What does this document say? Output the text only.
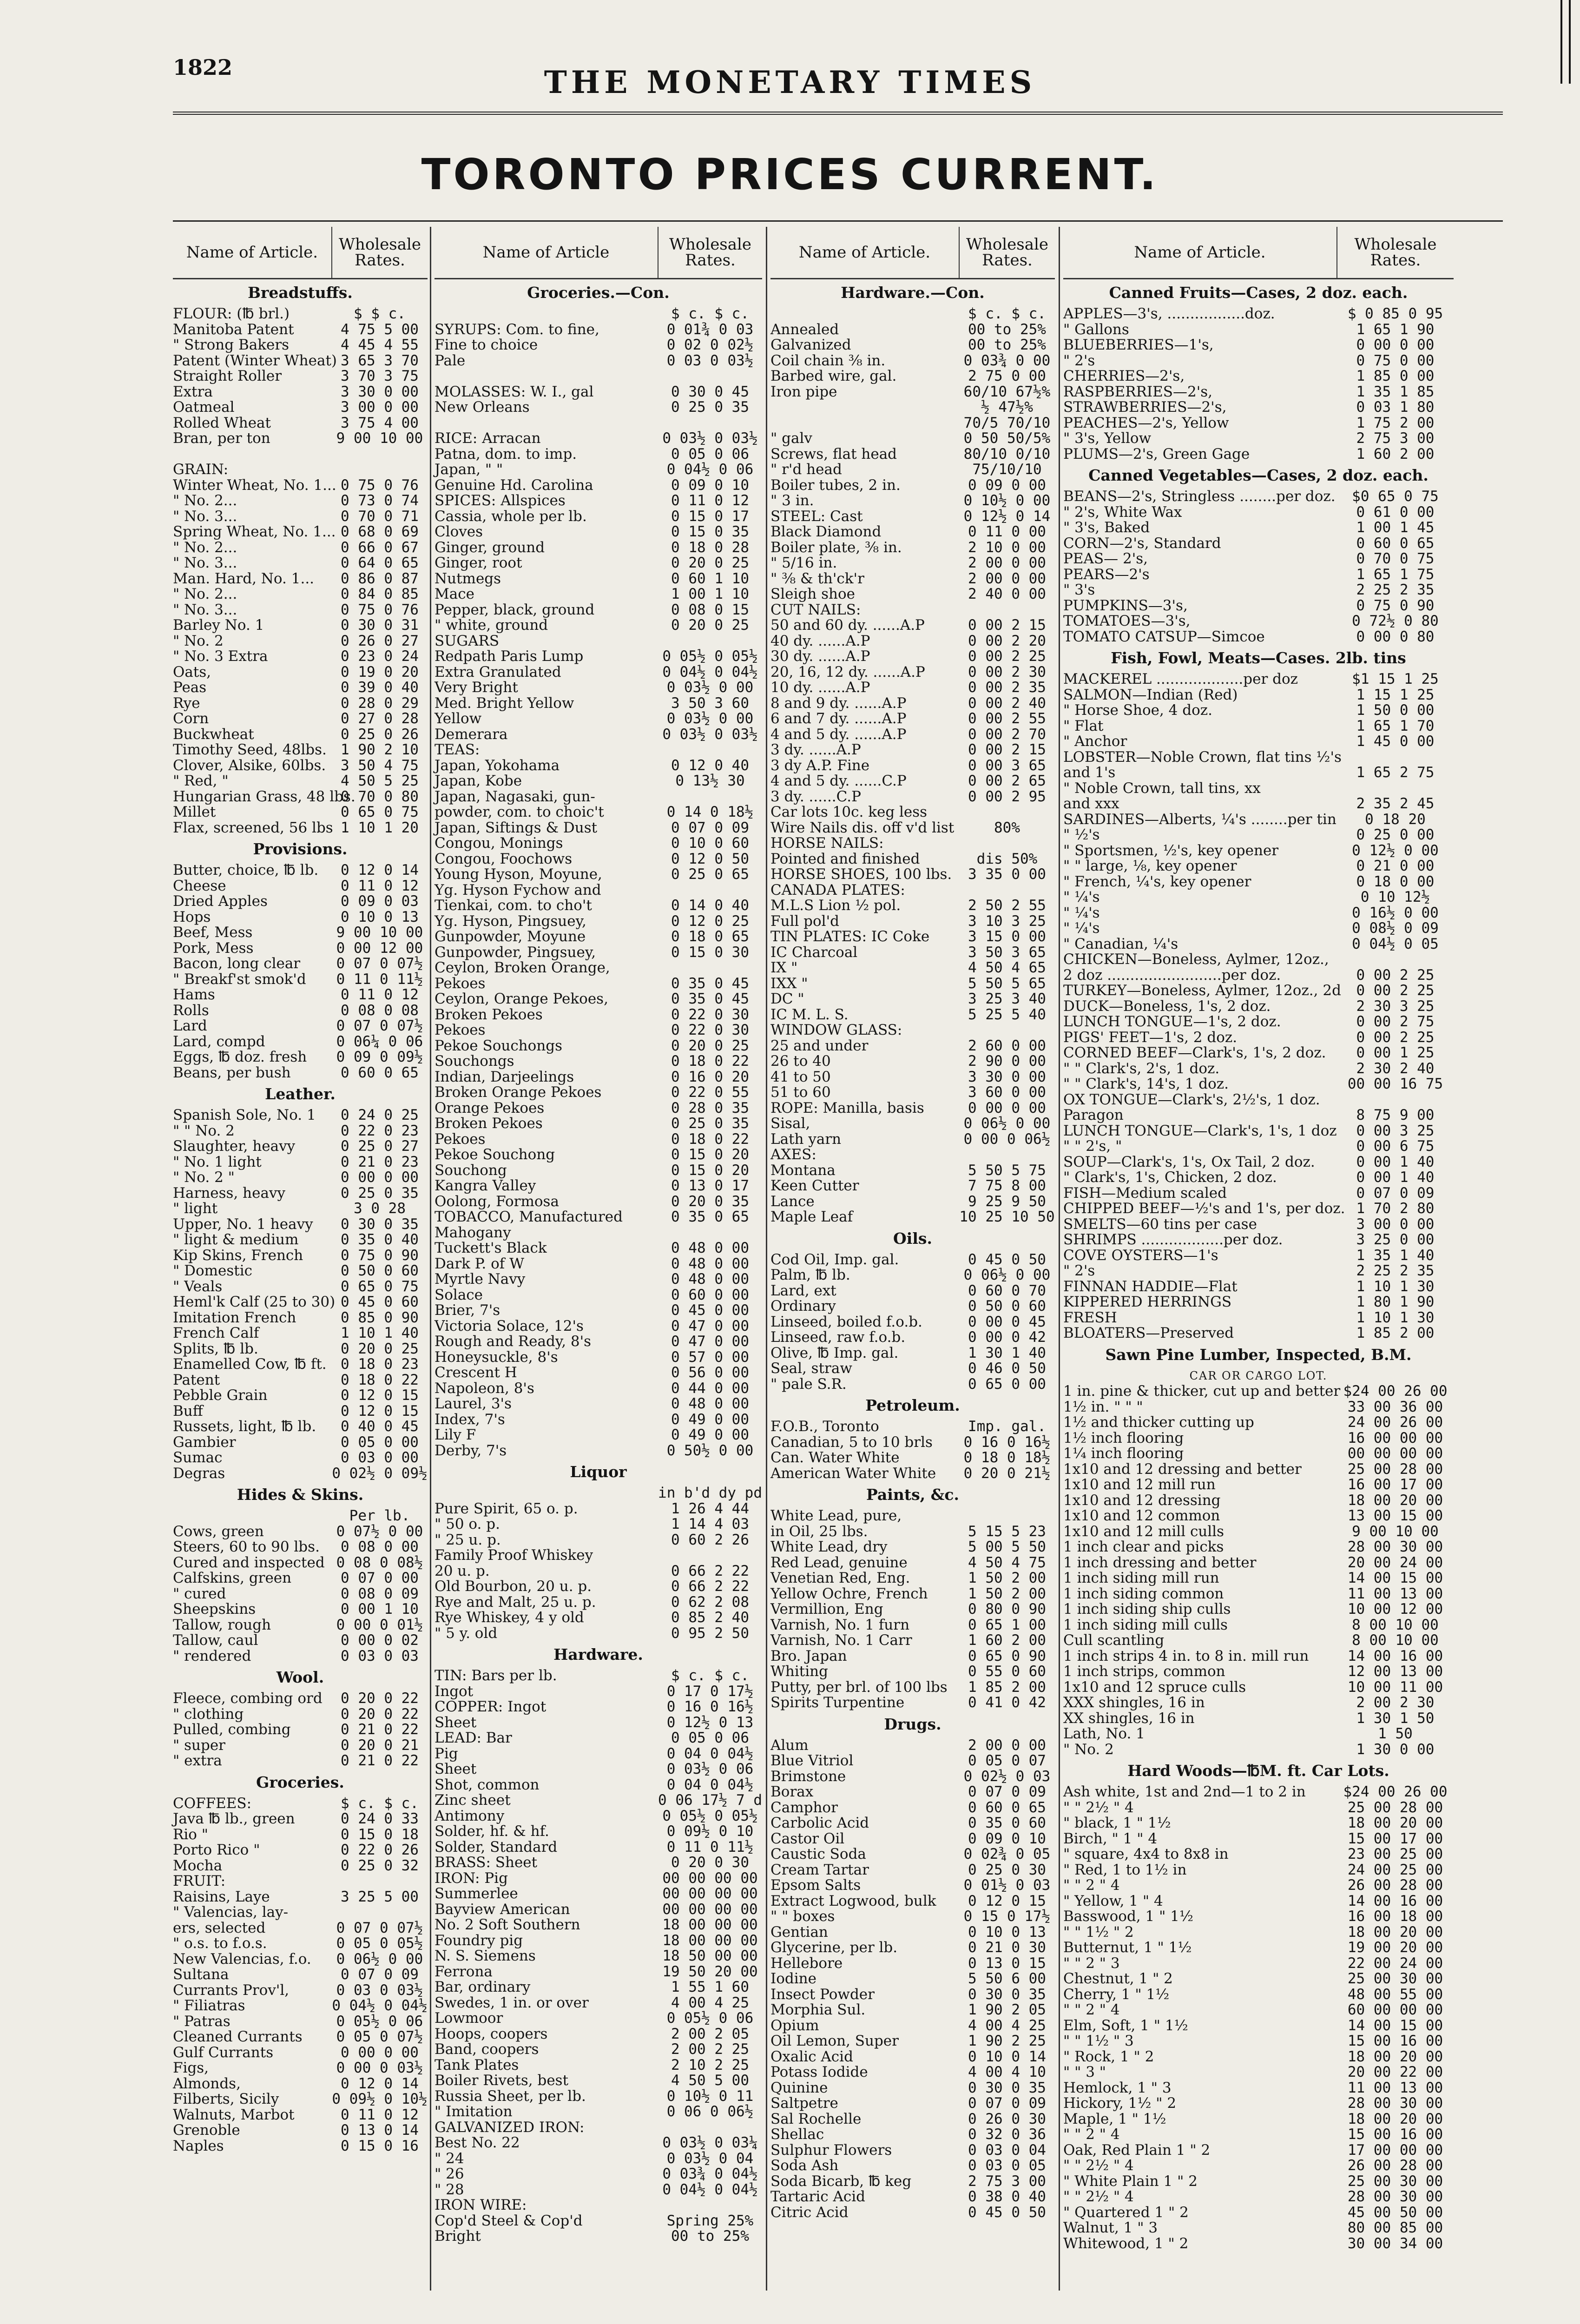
1822	THE MONETARY TIMES
TORONTO PRICES CURRENT.
Name of Article.	Wholesale Rates.
Breadstuffs.	
FLOUR: (℔ brl.)	$ $ c.
Manitoba Patent	4 75 5 00
" Strong Bakers	4 45 4 55
Patent (Winter Wheat)	3 65 3 70
Straight Roller	3 70 3 75
Extra	3 30 0 00
Oatmeal	3 00 0 00
Rolled Wheat	3 75 4 00
Bran, per ton	9 00 10 00

GRAIN:	
Winter Wheat, No. 1...	0 75 0 76
" No. 2...	0 73 0 74
" No. 3...	0 70 0 71
Spring Wheat, No. 1...	0 68 0 69
" No. 2...	0 66 0 67
" No. 3...	0 64 0 65
Man. Hard, No. 1...	0 86 0 87
" No. 2...	0 84 0 85
" No. 3...	0 75 0 76
Barley No. 1	0 30 0 31
" No. 2	0 26 0 27
" No. 3 Extra	0 23 0 24
Oats,	0 19 0 20
Peas	0 39 0 40
Rye	0 28 0 29
Corn	0 27 0 28
Buckwheat	0 25 0 26
Timothy Seed, 48lbs.	1 90 2 10
Clover, Alsike, 60lbs.	3 50 4 75
" Red, "	4 50 5 25
Hungarian Grass, 48 lbs.	0 70 0 80
Millet	0 65 0 75
Flax, screened, 56 lbs	1 10 1 20
Provisions.	
Butter, choice, ℔ lb.	0 12 0 14
Cheese	0 11 0 12
Dried Apples	0 09 0 03
Hops	0 10 0 13
Beef, Mess	9 00 10 00
Pork, Mess	0 00 12 00
Bacon, long clear	0 07 0 07½
" Breakf'st smok'd	0 11 0 11½
Hams	0 11 0 12
Rolls	0 08 0 08
Lard	0 07 0 07½
Lard, compd	0 06¼ 0 06
Eggs, ℔ doz. fresh	0 09 0 09½
Beans, per bush	0 60 0 65
Leather.	
Spanish Sole, No. 1	0 24 0 25
" " No. 2	0 22 0 23
Slaughter, heavy	0 25 0 27
" No. 1 light	0 21 0 23
" No. 2 "	0 00 0 00
Harness, heavy	0 25 0 35
" light	3 0 28
Upper, No. 1 heavy	0 30 0 35
" light & medium	0 35 0 40
Kip Skins, French	0 75 0 90
" Domestic	0 50 0 60
" Veals	0 65 0 75
Heml'k Calf (25 to 30)	0 45 0 60
Imitation French	0 85 0 90
French Calf	1 10 1 40
Splits, ℔ lb.	0 20 0 25
Enamelled Cow, ℔ ft.	0 18 0 23
Patent	0 18 0 22
Pebble Grain	0 12 0 15
Buff	0 12 0 15
Russets, light, ℔ lb.	0 40 0 45
Gambier	0 05 0 00
Sumac	0 03 0 00
Degras	0 02½ 0 09½
Hides & Skins.	
	Per lb.
Cows, green	0 07½ 0 00
Steers, 60 to 90 lbs.	0 08 0 00
Cured and inspected	0 08 0 08½
Calfskins, green	0 07 0 00
" cured	0 08 0 09
Sheepskins	0 00 1 10
Tallow, rough	0 00 0 01½
Tallow, caul	0 00 0 02
" rendered	0 03 0 03
Wool.	
Fleece, combing ord	0 20 0 22
" clothing	0 20 0 22
Pulled, combing	0 21 0 22
" super	0 20 0 21
" extra	0 21 0 22
Groceries.	
COFFEES:	$ c. $ c.
Java ℔ lb., green	0 24 0 33
Rio "	0 15 0 18
Porto Rico "	0 22 0 26
Mocha	0 25 0 32
FRUIT:	
Raisins, Laye	3 25 5 00
" Valencias, lay-	
ers, selected	0 07 0 07½
" o.s. to f.o.s.	0 05 0 05½
New Valencias, f.o.	0 06½ 0 00
Sultana	0 07 0 09
Currants Prov'l,	0 03 0 03½
" Filiatras	0 04½ 0 04½
" Patras	0 05½ 0 06
Cleaned Currants	0 05 0 07½
Gulf Currants	0 00 0 00
Figs,	0 00 0 03½
Almonds,	0 12 0 14
Filberts, Sicily	0 09½ 0 10½
Walnuts, Marbot	0 11 0 12
Grenoble	0 13 0 14
Naples	0 15 0 16
Name of Article	Wholesale Rates.
Groceries.—Con.	
	$ c. $ c.
SYRUPS: Com. to fine,	0 01¾ 0 03
Fine to choice	0 02 0 02½
Pale	0 03 0 03½

MOLASSES: W. I., gal	0 30 0 45
New Orleans	0 25 0 35

RICE: Arracan	0 03½ 0 03½
Patna, dom. to imp.	0 05 0 06
Japan, " "	0 04½ 0 06
Genuine Hd. Carolina	0 09 0 10
SPICES: Allspices	0 11 0 12
Cassia, whole per lb.	0 15 0 17
Cloves	0 15 0 35
Ginger, ground	0 18 0 28
Ginger, root	0 20 0 25
Nutmegs	0 60 1 10
Mace	1 00 1 10
Pepper, black, ground	0 08 0 15
" white, ground	0 20 0 25
SUGARS	
Redpath Paris Lump	0 05½ 0 05½
Extra Granulated	0 04½ 0 04½
Very Bright	0 03½ 0 00
Med. Bright Yellow	3 50 3 60
Yellow	0 03½ 0 00
Demerara	0 03½ 0 03½
TEAS:	
Japan, Yokohama	0 12 0 40
Japan, Kobe	0 13½ 30
Japan, Nagasaki, gun-	
powder, com. to choic't	0 14 0 18½
Japan, Siftings & Dust	0 07 0 09
Congou, Monings	0 10 0 60
Congou, Foochows	0 12 0 50
Young Hyson, Moyune,	0 25 0 65
Yg. Hyson Fychow and	
Tienkai, com. to cho't	0 14 0 40
Yg. Hyson, Pingsuey,	0 12 0 25
Gunpowder, Moyune	0 18 0 65
Gunpowder, Pingsuey,	0 15 0 30
Ceylon, Broken Orange,	
Pekoes	0 35 0 45
Ceylon, Orange Pekoes,	0 35 0 45
Broken Pekoes	0 22 0 30
Pekoes	0 22 0 30
Pekoe Souchongs	0 20 0 25
Souchongs	0 18 0 22
Indian, Darjeelings	0 16 0 20
Broken Orange Pekoes	0 22 0 55
Orange Pekoes	0 28 0 35
Broken Pekoes	0 25 0 35
Pekoes	0 18 0 22
Pekoe Souchong	0 15 0 20
Souchong	0 15 0 20
Kangra Valley	0 13 0 17
Oolong, Formosa	0 20 0 35
TOBACCO, Manufactured	0 35 0 65
Mahogany	
Tuckett's Black	0 48 0 00
Dark P. of W	0 48 0 00
Myrtle Navy	0 48 0 00
Solace	0 60 0 00
Brier, 7's	0 45 0 00
Victoria Solace, 12's	0 47 0 00
Rough and Ready, 8's	0 47 0 00
Honeysuckle, 8's	0 57 0 00
Crescent H	0 56 0 00
Napoleon, 8's	0 44 0 00
Laurel, 3's	0 48 0 00
Index, 7's	0 49 0 00
Lily F	0 49 0 00
Derby, 7's	0 50½ 0 00
Liquor	
	in b'd dy pd
Pure Spirit, 65 o. p.	1 26 4 44
" 50 o. p.	1 14 4 03
" 25 u. p.	0 60 2 26
Family Proof Whiskey	
20 u. p.	0 66 2 22
Old Bourbon, 20 u. p.	0 66 2 22
Rye and Malt, 25 u. p.	0 62 2 08
Rye Whiskey, 4 y old	0 85 2 40
" 5 y. old	0 95 2 50
Hardware.	
TIN: Bars per lb.	$ c. $ c.
Ingot	0 17 0 17½
COPPER: Ingot	0 16 0 16½
Sheet	0 12½ 0 13
LEAD: Bar	0 05 0 06
Pig	0 04 0 04½
Sheet	0 03½ 0 06
Shot, common	0 04 0 04½
Zinc sheet	0 06 17½ 7 d
Antimony	0 05½ 0 05½
Solder, hf. & hf.	0 09½ 0 10
Solder, Standard	0 11 0 11½
BRASS: Sheet	0 20 0 30
IRON: Pig	00 00 00 00
Summerlee	00 00 00 00
Bayview American	00 00 00 00
No. 2 Soft Southern	18 00 00 00
Foundry pig	18 00 00 00
N. S. Siemens	18 50 00 00
Ferrona	19 50 20 00
Bar, ordinary	1 55 1 60
Swedes, 1 in. or over	4 00 4 25
Lowmoor	0 05½ 0 06
Hoops, coopers	2 00 2 05
Band, coopers	2 00 2 25
Tank Plates	2 10 2 25
Boiler Rivets, best	4 50 5 00
Russia Sheet, per lb.	0 10½ 0 11
" Imitation	0 06 0 06½
GALVANIZED IRON:	
Best No. 22	0 03½ 0 03¼
" 24	0 03½ 0 04
" 26	0 03¾ 0 04½
" 28	0 04½ 0 04½
IRON WIRE:	
Cop'd Steel & Cop'd	Spring 25%
Bright	00 to 25%
Name of Article.	Wholesale Rates.
Hardware.—Con.	
	$ c. $ c.
Annealed	00 to 25%
Galvanized	00 to 25%
Coil chain ⅜ in.	0 03¾ 0 00
Barbed wire, gal.	2 75 0 00
Iron pipe	60/10 67½%
	½ 47½%
	70/5 70/10
" galv	0 50 50/5%
Screws, flat head	80/10 0/10
" r'd head	75/10/10
Boiler tubes, 2 in.	0 09 0 00
" 3 in.	0 10½ 0 00
STEEL: Cast	0 12½ 0 14
Black Diamond	0 11 0 00
Boiler plate, ⅜ in.	2 10 0 00
" 5/16 in.	2 00 0 00
" ⅜ & th'ck'r	2 00 0 00
Sleigh shoe	2 40 0 00
CUT NAILS:	
50 and 60 dy. ......A.P	0 00 2 15
40 dy. ......A.P	0 00 2 20
30 dy. ......A.P	0 00 2 25
20, 16, 12 dy. ......A.P	0 00 2 30
10 dy. ......A.P	0 00 2 35
8 and 9 dy. ......A.P	0 00 2 40
6 and 7 dy. ......A.P	0 00 2 55
4 and 5 dy. ......A.P	0 00 2 70
3 dy. ......A.P	0 00 2 15
3 dy A.P. Fine	0 00 3 65
4 and 5 dy. ......C.P	0 00 2 65
3 dy. ......C.P	0 00 2 95
Car lots 10c. keg less	
Wire Nails dis. off v'd list	80%
HORSE NAILS:	
Pointed and finished	dis 50%
HORSE SHOES, 100 lbs.	3 35 0 00
CANADA PLATES:	
M.L.S Lion ½ pol.	2 50 2 55
Full pol'd	3 10 3 25
TIN PLATES: IC Coke	3 15 0 00
IC Charcoal	3 50 3 65
IX "	4 50 4 65
IXX "	5 50 5 65
DC "	3 25 3 40
IC M. L. S.	5 25 5 40
WINDOW GLASS:	
25 and under	2 60 0 00
26 to 40	2 90 0 00
41 to 50	3 30 0 00
51 to 60	3 60 0 00
ROPE: Manilla, basis	0 00 0 00
Sisal,	0 06½ 0 00
Lath yarn	0 00 0 06½
AXES:	
Montana	5 50 5 75
Keen Cutter	7 75 8 00
Lance	9 25 9 50
Maple Leaf	10 25 10 50
Oils.	
Cod Oil, Imp. gal.	0 45 0 50
Palm, ℔ lb.	0 06½ 0 00
Lard, ext	0 60 0 70
Ordinary	0 50 0 60
Linseed, boiled f.o.b.	0 00 0 45
Linseed, raw f.o.b.	0 00 0 42
Olive, ℔ Imp. gal.	1 30 1 40
Seal, straw	0 46 0 50
" pale S.R.	0 65 0 00
Petroleum.	
F.O.B., Toronto	Imp. gal.
Canadian, 5 to 10 brls	0 16 0 16½
Can. Water White	0 18 0 18½
American Water White	0 20 0 21½
Paints, &c.	
White Lead, pure,	
in Oil, 25 lbs.	5 15 5 23
White Lead, dry	5 00 5 50
Red Lead, genuine	4 50 4 75
Venetian Red, Eng.	1 50 2 00
Yellow Ochre, French	1 50 2 00
Vermillion, Eng	0 80 0 90
Varnish, No. 1 furn	0 65 1 00
Varnish, No. 1 Carr	1 60 2 00
Bro. Japan	0 65 0 90
Whiting	0 55 0 60
Putty, per brl. of 100 lbs	1 85 2 00
Spirits Turpentine	0 41 0 42
Drugs.	
Alum	2 00 0 00
Blue Vitriol	0 05 0 07
Brimstone	0 02½ 0 03
Borax	0 07 0 09
Camphor	0 60 0 65
Carbolic Acid	0 35 0 60
Castor Oil	0 09 0 10
Caustic Soda	0 02¾ 0 05
Cream Tartar	0 25 0 30
Epsom Salts	0 01½ 0 03
Extract Logwood, bulk	0 12 0 15
" " boxes	0 15 0 17½
Gentian	0 10 0 13
Glycerine, per lb.	0 21 0 30
Hellebore	0 13 0 15
Iodine	5 50 6 00
Insect Powder	0 30 0 35
Morphia Sul.	1 90 2 05
Opium	4 00 4 25
Oil Lemon, Super	1 90 2 25
Oxalic Acid	0 10 0 14
Potass Iodide	4 00 4 10
Quinine	0 30 0 35
Saltpetre	0 07 0 09
Sal Rochelle	0 26 0 30
Shellac	0 32 0 36
Sulphur Flowers	0 03 0 04
Soda Ash	0 03 0 05
Soda Bicarb, ℔ keg	2 75 3 00
Tartaric Acid	0 38 0 40
Citric Acid	0 45 0 50
Name of Article.	Wholesale Rates.
Canned Fruits—Cases, 2 doz. each.	
APPLES—3's, .................doz.	$ 0 85 0 95
" Gallons	1 65 1 90
BLUEBERRIES—1's,	0 00 0 00
" 2's	0 75 0 00
CHERRIES—2's,	1 85 0 00
RASPBERRIES—2's,	1 35 1 85
STRAWBERRIES—2's,	0 03 1 80
PEACHES—2's, Yellow	1 75 2 00
" 3's, Yellow	2 75 3 00
PLUMS—2's, Green Gage	1 60 2 00
Canned Vegetables—Cases, 2 doz. each.	
BEANS—2's, Stringless ........per doz.	$0 65 0 75
" 2's, White Wax	0 61 0 00
" 3's, Baked	1 00 1 45
CORN—2's, Standard	0 60 0 65
PEAS— 2's,	0 70 0 75
PEARS—2's	1 65 1 75
" 3's	2 25 2 35
PUMPKINS—3's,	0 75 0 90
TOMATOES—3's,	0 72½ 0 80
TOMATO CATSUP—Simcoe	0 00 0 80
Fish, Fowl, Meats—Cases. 2lb. tins	
MACKEREL ...................per doz	$1 15 1 25
SALMON—Indian (Red)	1 15 1 25
" Horse Shoe, 4 doz.	1 50 0 00
" Flat	1 65 1 70
" Anchor	1 45 0 00
LOBSTER—Noble Crown, flat tins ½'s	
and 1's	1 65 2 75
" Noble Crown, tall tins, xx	
and xxx	2 35 2 45
SARDINES—Alberts, ¼'s ........per tin	0 18 20
" ½'s	0 25 0 00
" Sportsmen, ½'s, key opener	0 12½ 0 00
" " large, ⅛, key opener	0 21 0 00
" French, ¼'s, key opener	0 18 0 00
" ¼'s	0 10 12½
" ¼'s	0 16½ 0 00
" ¼'s	0 08½ 0 09
" Canadian, ¼'s	0 04½ 0 05
CHICKEN—Boneless, Aylmer, 12oz.,	
2 doz .........................per doz.	0 00 2 25
TURKEY—Boneless, Aylmer, 12oz., 2d	0 00 2 25
DUCK—Boneless, 1's, 2 doz.	2 30 3 25
LUNCH TONGUE—1's, 2 doz.	0 00 2 75
PIGS' FEET—1's, 2 doz.	0 00 2 25
CORNED BEEF—Clark's, 1's, 2 doz.	0 00 1 25
" " Clark's, 2's, 1 doz.	2 30 2 40
" " Clark's, 14's, 1 doz.	00 00 16 75
OX TONGUE—Clark's, 2½'s, 1 doz.	
Paragon	8 75 9 00
LUNCH TONGUE—Clark's, 1's, 1 doz	0 00 3 25
" " 2's, "	0 00 6 75
SOUP—Clark's, 1's, Ox Tail, 2 doz.	0 00 1 40
" Clark's, 1's, Chicken, 2 doz.	0 00 1 40
FISH—Medium scaled	0 07 0 09
CHIPPED BEEF—½'s and 1's, per doz.	1 70 2 80
SMELTS—60 tins per case	3 00 0 00
SHRIMPS ..................per doz.	3 25 0 00
COVE OYSTERS—1's	1 35 1 40
" 2's	2 25 2 35
FINNAN HADDIE—Flat	1 10 1 30
KIPPERED HERRINGS	1 80 1 90
FRESH	1 10 1 30
BLOATERS—Preserved	1 85 2 00
Sawn Pine Lumber, Inspected, B.M.	
CAR OR CARGO LOT.	
1 in. pine & thicker, cut up and better	$24 00 26 00
1½ in. " " "	33 00 36 00
1½ and thicker cutting up	24 00 26 00
1½ inch flooring	16 00 00 00
1¼ inch flooring	00 00 00 00
1x10 and 12 dressing and better	25 00 28 00
1x10 and 12 mill run	16 00 17 00
1x10 and 12 dressing	18 00 20 00
1x10 and 12 common	13 00 15 00
1x10 and 12 mill culls	9 00 10 00
1 inch clear and picks	28 00 30 00
1 inch dressing and better	20 00 24 00
1 inch siding mill run	14 00 15 00
1 inch siding common	11 00 13 00
1 inch siding ship culls	10 00 12 00
1 inch siding mill culls	8 00 10 00
Cull scantling	8 00 10 00
1 inch strips 4 in. to 8 in. mill run	14 00 16 00
1 inch strips, common	12 00 13 00
1x10 and 12 spruce culls	10 00 11 00
XXX shingles, 16 in	2 00 2 30
XX shingles, 16 in	1 30 1 50
Lath, No. 1	1 50
" No. 2	1 30 0 00
Hard Woods—℔M. ft. Car Lots.	
Ash white, 1st and 2nd—1 to 2 in	$24 00 26 00
" " 2½ " 4	25 00 28 00
" black, 1 " 1½	18 00 20 00
Birch, " 1 " 4	15 00 17 00
" square, 4x4 to 8x8 in	23 00 25 00
" Red, 1 to 1½ in	24 00 25 00
" " 2 " 4	26 00 28 00
" Yellow, 1 " 4	14 00 16 00
Basswood, 1 " 1½	16 00 18 00
" " 1½ " 2	18 00 20 00
Butternut, 1 " 1½	19 00 20 00
" " 2 " 3	22 00 24 00
Chestnut, 1 " 2	25 00 30 00
Cherry, 1 " 1½	48 00 55 00
" " 2 " 4	60 00 00 00
Elm, Soft, 1 " 1½	14 00 15 00
" " 1½ " 3	15 00 16 00
" Rock, 1 " 2	18 00 20 00
" " 3 "	20 00 22 00
Hemlock, 1 " 3	11 00 13 00
Hickory, 1½ " 2	28 00 30 00
Maple, 1 " 1½	18 00 20 00
" " 2 " 4	15 00 16 00
Oak, Red Plain 1 " 2	17 00 00 00
" " 2½ " 4	26 00 28 00
" White Plain 1 " 2	25 00 30 00
" " 2½ " 4	28 00 30 00
" Quartered 1 " 2	45 00 50 00
Walnut, 1 " 3	80 00 85 00
Whitewood, 1 " 2	30 00 34 00
